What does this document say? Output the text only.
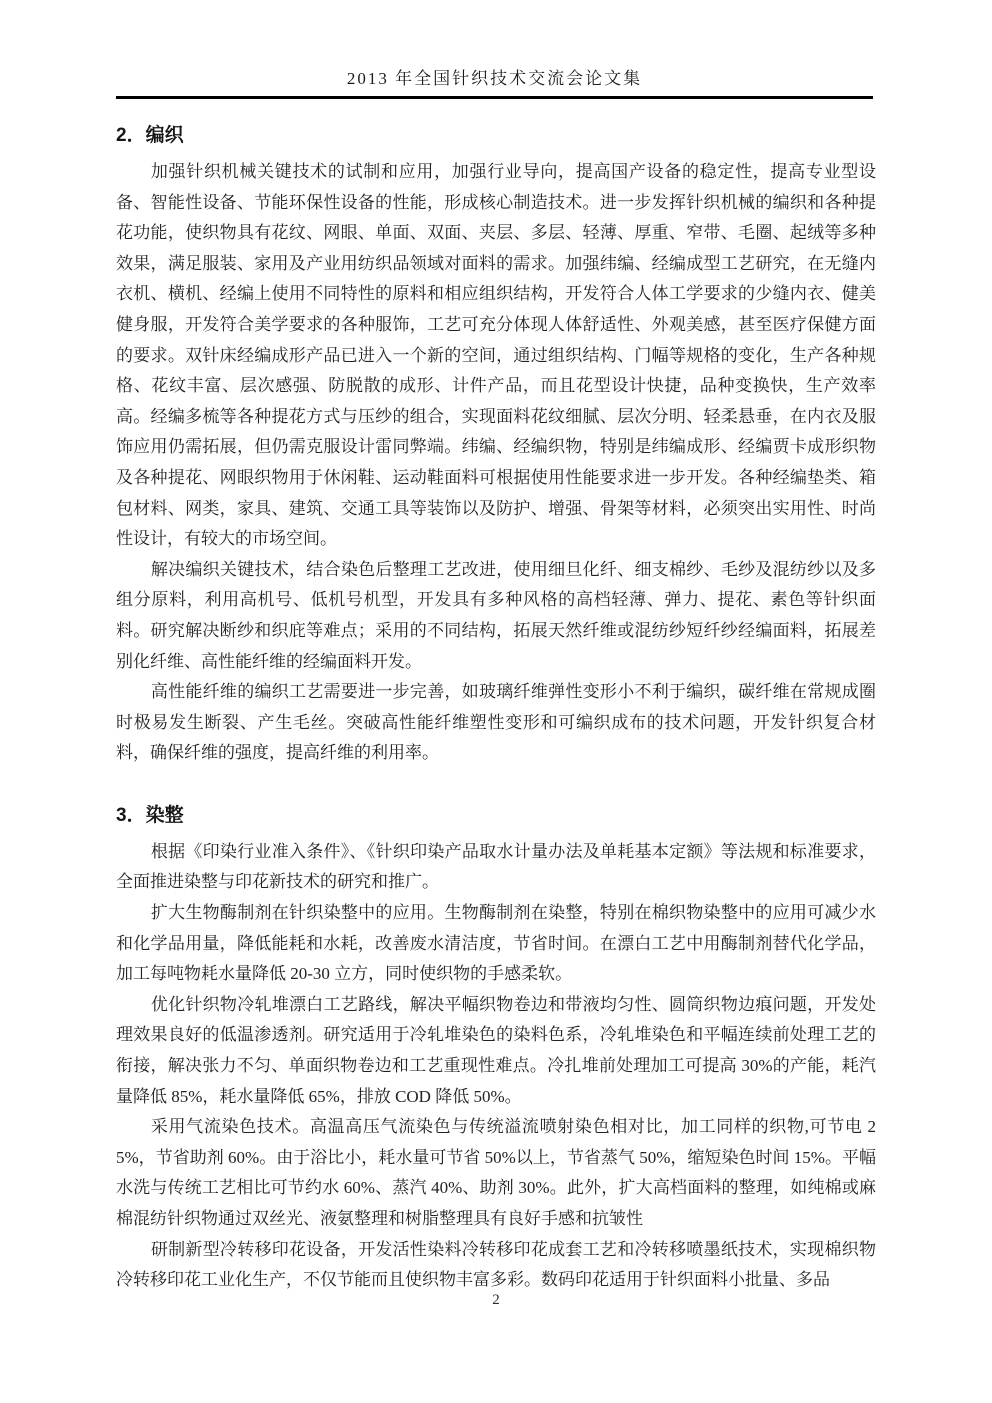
2013 年全国针织技术交流会论文集
2．编织

加强针织机械关键技术的试制和应用，加强行业导向，提高国产设备的稳定性，提高专业型设备、智能性设备、节能环保性设备的性能，形成核心制造技术。进一步发挥针织机械的编织和各种提花功能，使织物具有花纹、网眼、单面、双面、夹层、多层、轻薄、厚重、窄带、毛圈、起绒等多种效果，满足服装、家用及产业用纺织品领域对面料的需求。加强纬编、经编成型工艺研究，在无缝内衣机、横机、经编上使用不同特性的原料和相应组织结构，开发符合人体工学要求的少缝内衣、健美健身服，开发符合美学要求的各种服饰，工艺可充分体现人体舒适性、外观美感，甚至医疗保健方面的要求。双针床经编成形产品已进入一个新的空间，通过组织结构、门幅等规格的变化，生产各种规格、花纹丰富、层次感强、防脱散的成形、计件产品，而且花型设计快捷，品种变换快，生产效率高。经编多梳等各种提花方式与压纱的组合，实现面料花纹细腻、层次分明、轻柔悬垂，在内衣及服饰应用仍需拓展，但仍需克服设计雷同弊端。纬编、经编织物，特别是纬编成形、经编贾卡成形织物及各种提花、网眼织物用于休闲鞋、运动鞋面料可根据使用性能要求进一步开发。各种经编垫类、箱包材料、网类，家具、建筑、交通工具等装饰以及防护、增强、骨架等材料，必须突出实用性、时尚性设计，有较大的市场空间。

解决编织关键技术，结合染色后整理工艺改进，使用细旦化纤、细支棉纱、毛纱及混纺纱以及多组分原料，利用高机号、低机号机型，开发具有多种风格的高档轻薄、弹力、提花、素色等针织面料。研究解决断纱和织庇等难点；采用的不同结构，拓展天然纤维或混纺纱短纤纱经编面料，拓展差别化纤维、高性能纤维的经编面料开发。

高性能纤维的编织工艺需要进一步完善，如玻璃纤维弹性变形小不利于编织，碳纤维在常规成圈时极易发生断裂、产生毛丝。突破高性能纤维塑性变形和可编织成布的技术问题，开发针织复合材料，确保纤维的强度，提高纤维的利用率。

3．染整

根据《印染行业准入条件》、《针织印染产品取水计量办法及单耗基本定额》等法规和标准要求，全面推进染整与印花新技术的研究和推广。

扩大生物酶制剂在针织染整中的应用。生物酶制剂在染整，特别在棉织物染整中的应用可减少水和化学品用量，降低能耗和水耗，改善废水清洁度，节省时间。在漂白工艺中用酶制剂替代化学品，加工每吨物耗水量降低 20-30 立方，同时使织物的手感柔软。

优化针织物冷轧堆漂白工艺路线，解决平幅织物卷边和带液均匀性、圆筒织物边痕问题，开发处理效果良好的低温渗透剂。研究适用于冷轧堆染色的染料色系，冷轧堆染色和平幅连续前处理工艺的衔接，解决张力不匀、单面织物卷边和工艺重现性难点。冷扎堆前处理加工可提高 30%的产能，耗汽量降低 85%，耗水量降低 65%，排放 COD 降低 50%。

采用气流染色技术。高温高压气流染色与传统溢流喷射染色相对比，加工同样的织物,可节电 25%，节省助剂 60%。由于浴比小，耗水量可节省 50%以上，节省蒸气 50%，缩短染色时间 15%。平幅水洗与传统工艺相比可节约水 60%、蒸汽 40%、助剂 30%。此外，扩大高档面料的整理，如纯棉或麻棉混纺针织物通过双丝光、液氨整理和树脂整理具有良好手感和抗皱性

研制新型冷转移印花设备，开发活性染料冷转移印花成套工艺和冷转移喷墨纸技术，实现棉织物冷转移印花工业化生产，不仅节能而且使织物丰富多彩。数码印花适用于针织面料小批量、多品

2
